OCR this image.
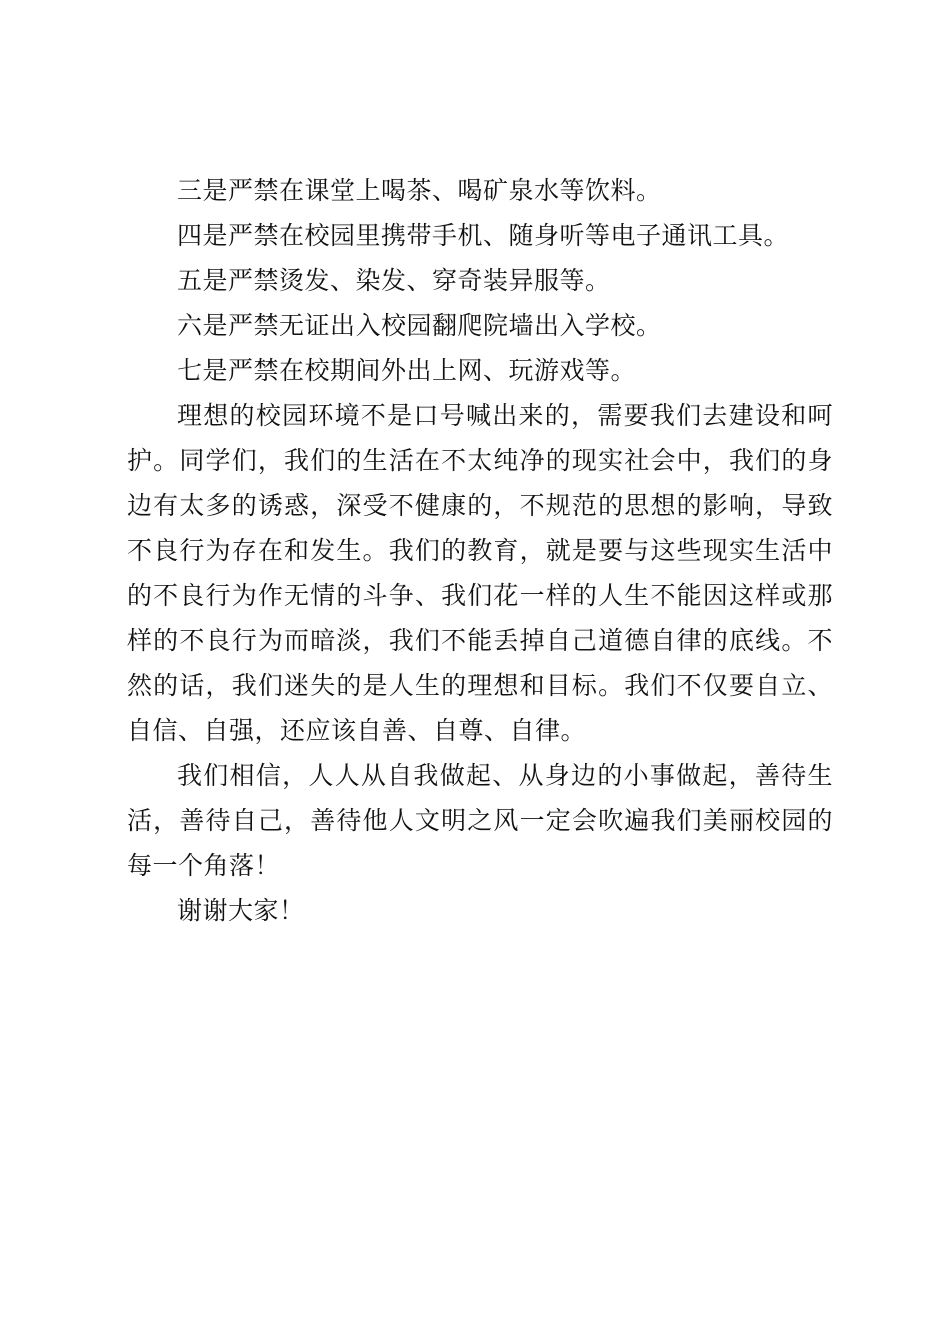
三是严禁在课堂上喝茶、喝矿泉水等饮料。

四是严禁在校园里携带手机、随身听等电子通讯工具。

五是严禁烫发、染发、穿奇装异服等。

六是严禁无证出入校园翻爬院墙出入学校。

七是严禁在校期间外出上网、玩游戏等。

理想的校园环境不是口号喊出来的，需要我们去建设和呵护。同学们，我们的生活在不太纯净的现实社会中，我们的身边有太多的诱惑，深受不健康的，不规范的思想的影响，导致不良行为存在和发生。我们的教育，就是要与这些现实生活中的不良行为作无情的斗争、我们花一样的人生不能因这样或那样的不良行为而暗淡，我们不能丢掉自己道德自律的底线。不然的话，我们迷失的是人生的理想和目标。我们不仅要自立、自信、自强，还应该自善、自尊、自律。

我们相信，人人从自我做起、从身边的小事做起，善待生活，善待自己，善待他人文明之风一定会吹遍我们美丽校园的每一个角落！

谢谢大家！
